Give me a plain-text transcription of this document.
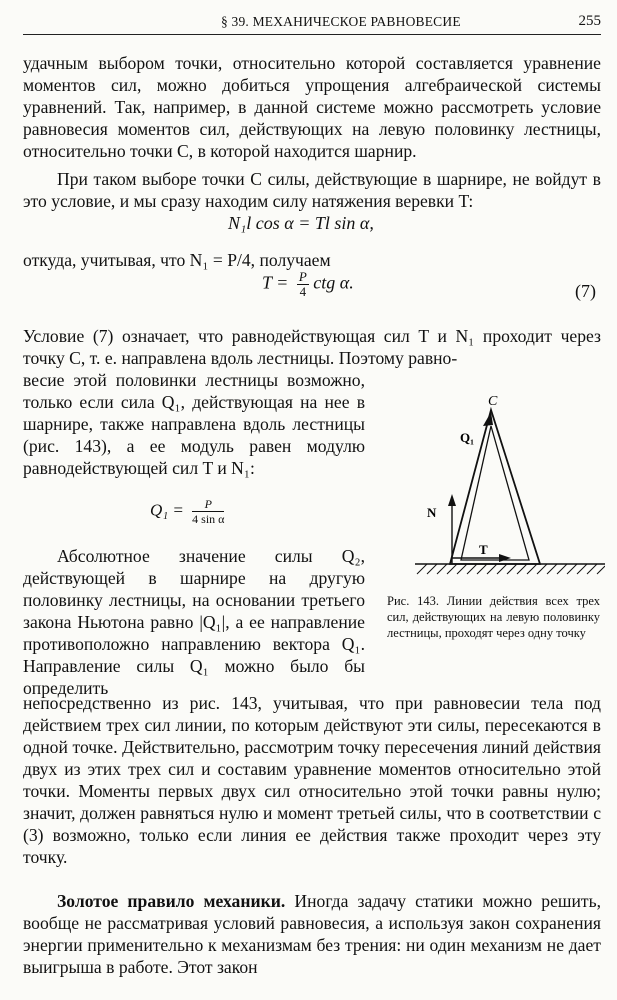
§ 39. МЕХАНИЧЕСКОЕ РАВНОВЕСИЕ	255

удачным выбором точки, относительно которой составляется уравнение моментов сил, можно добиться упрощения алгебраической системы уравнений. Так, например, в данной системе можно рассмотреть условие равновесия моментов сил, действующих на левую половинку лестницы, относительно точки C, в которой находится шарнир.

При таком выборе точки C силы, действующие в шарнире, не войдут в это условие, и мы сразу находим силу натяжения веревки T:

N₁l cos α = Tl sin α,

откуда, учитывая, что N₁ = P/4, получаем

$T = \frac{P}{4}$ ctg α.	(7)

Условие (7) означает, что равнодействующая сил T и N₁ проходит через точку C, т. е. направлена вдоль лестницы. Поэтому равно-

весие этой половинки лестницы возможно, только если сила Q₁, действующая на нее в шарнире, также направлена вдоль лестницы (рис. 143), а ее модуль равен модулю равнодействующей сил T и N₁:

$Q_1 = \frac{P}{\text{4 sin α}}$

Абсолютное значение силы Q₂, действующей в шарнире на другую половинку лестницы, на основании третьего закона Ньютона равно |Q₁|, а ее направление противоположно направлению вектора Q₁. Направление силы Q₁ можно было бы определить

непосредственно из рис. 143, учитывая, что при равновесии тела под действием трех сил линии, по которым действуют эти силы, пересекаются в одной точке. Действительно, рассмотрим точку пересечения линий действия двух из этих трех сил и составим уравнение моментов относительно этой точки. Моменты первых двух сил относительно этой точки равны нулю; значит, должен равняться нулю и момент третьей силы, что в соответствии с (3) возможно, только если линия ее действия также проходит через эту точку.

Золотое правило механики. Иногда задачу статики можно решить, вообще не рассматривая условий равновесия, а используя закон сохранения энергии применительно к механизмам без трения: ни один механизм не дает выигрыша в работе. Этот закон

C
Q₁
N
T

Рис. 143. Линии действия всех трех сил, действующих на левую половинку лестницы, проходят через одну точку
